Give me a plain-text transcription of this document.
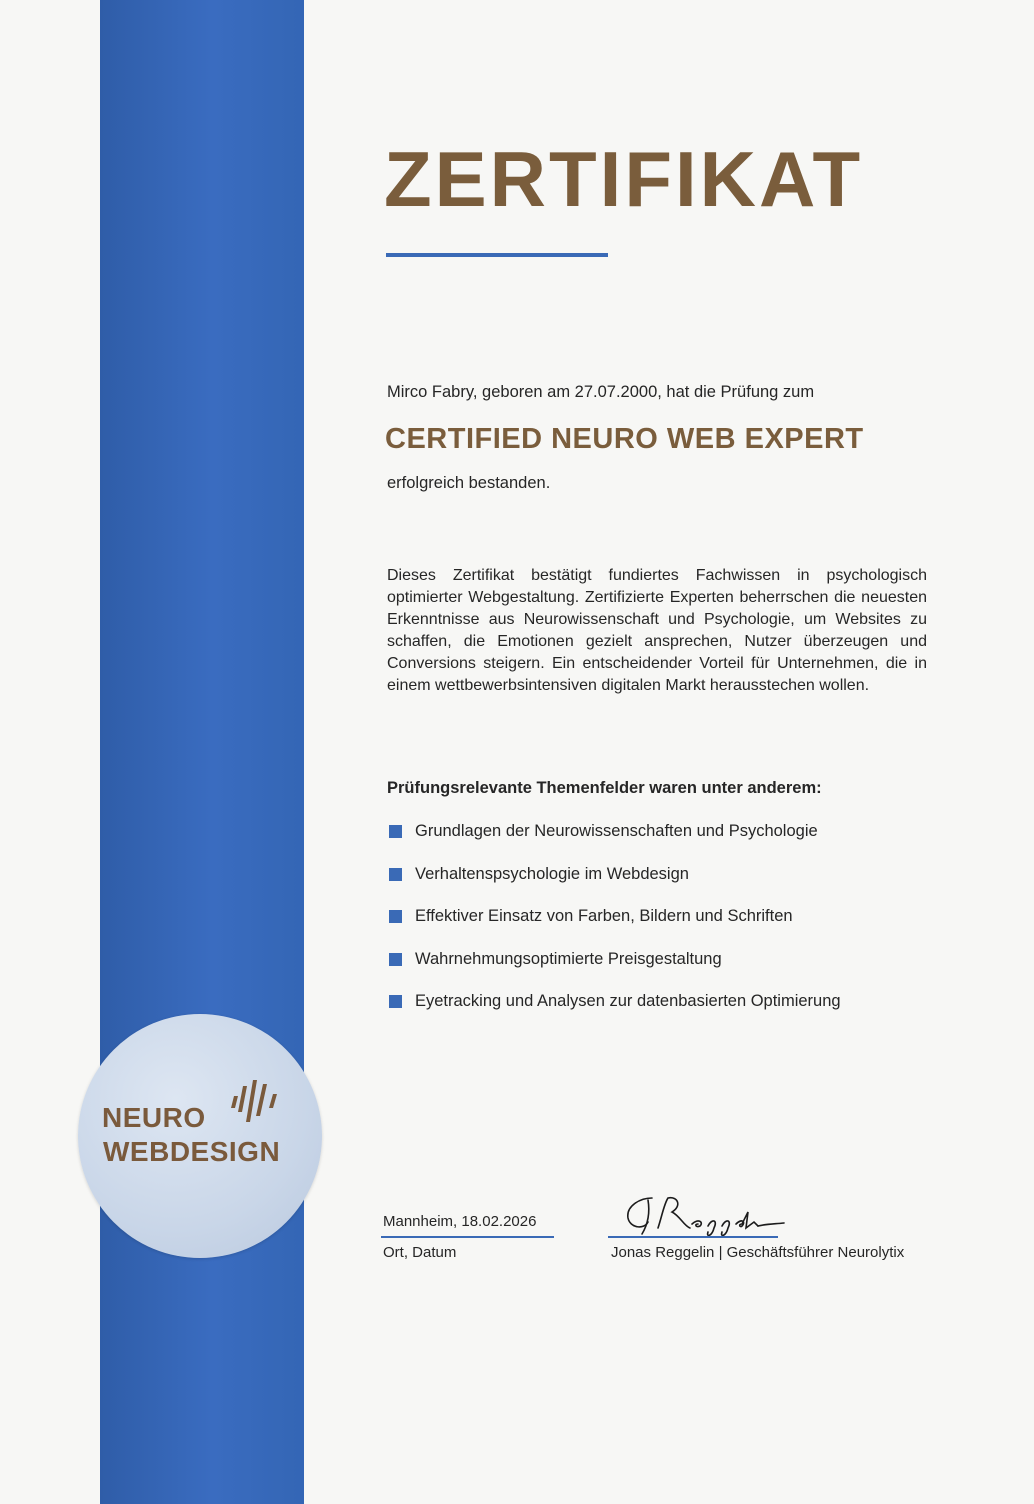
NEURO
WEBDESIGN
ZERTIFIKAT
Mirco Fabry, geboren am 27.07.2000, hat die Prüfung zum
CERTIFIED NEURO WEB EXPERT
erfolgreich bestanden.
Dieses Zertifikat bestätigt fundiertes Fachwissen in psychologisch optimierter Webgestaltung. Zertifizierte Experten beherrschen die neuesten Erkenntnisse aus Neurowissenschaft und Psychologie, um Websites zu schaffen, die Emotionen gezielt ansprechen, Nutzer überzeugen und Conversions steigern. Ein entscheidender Vorteil für Unternehmen, die in einem wettbewerbsintensiven digitalen Markt herausstechen wollen.
Prüfungsrelevante Themenfelder waren unter anderem:
Grundlagen der Neurowissenschaften und Psychologie
Verhaltenspsychologie im Webdesign
Effektiver Einsatz von Farben, Bildern und Schriften
Wahrnehmungsoptimierte Preisgestaltung
Eyetracking und Analysen zur datenbasierten Optimierung
Mannheim, 18.02.2026
Ort, Datum	Jonas Reggelin | Geschäftsführer Neurolytix
